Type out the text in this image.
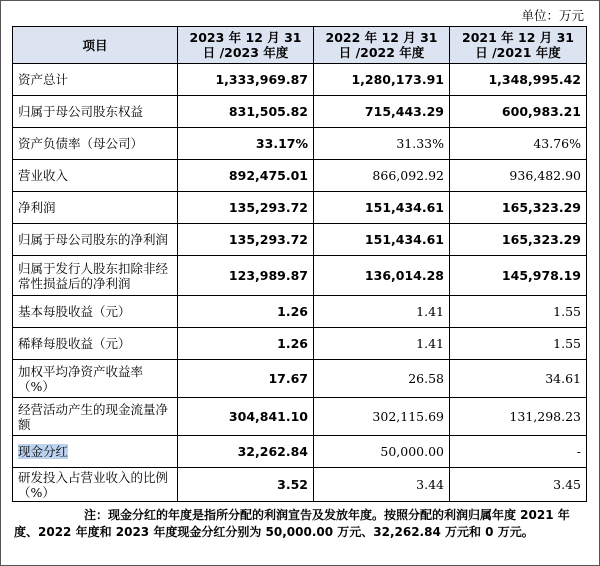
单位：万元
项目	2023 年 12 月 31 日 /2023 年度	2022 年 12 月 31 日 /2022 年度	2021 年 12 月 31 日 /2021 年度
资产总计	1,333,969.87	1,280,173.91	1,348,995.42
归属于母公司股东权益	831,505.82	715,443.29	600,983.21
资产负债率（母公司）	33.17%	31.33%	43.76%
营业收入	892,475.01	866,092.92	936,482.90
净利润	135,293.72	151,434.61	165,323.29
归属于母公司股东的净利润	135,293.72	151,434.61	165,323.29
归属于发行人股东扣除非经常性损益后的净利润	123,989.87	136,014.28	145,978.19
基本每股收益（元）	1.26	1.41	1.55
稀释每股收益（元）	1.26	1.41	1.55
加权平均净资产收益率（%）	17.67	26.58	34.61
经营活动产生的现金流量净额	304,841.10	302,115.69	131,298.23
现金分红	32,262.84	50,000.00	-
研发投入占营业收入的比例（%）	3.52	3.44	3.45
注：现金分红的年度是指所分配的利润宣告及发放年度。按照分配的利润归属年度 2021 年度、2022 年度和 2023 年度现金分红分别为 50,000.00 万元、32,262.84 万元和 0 万元。
